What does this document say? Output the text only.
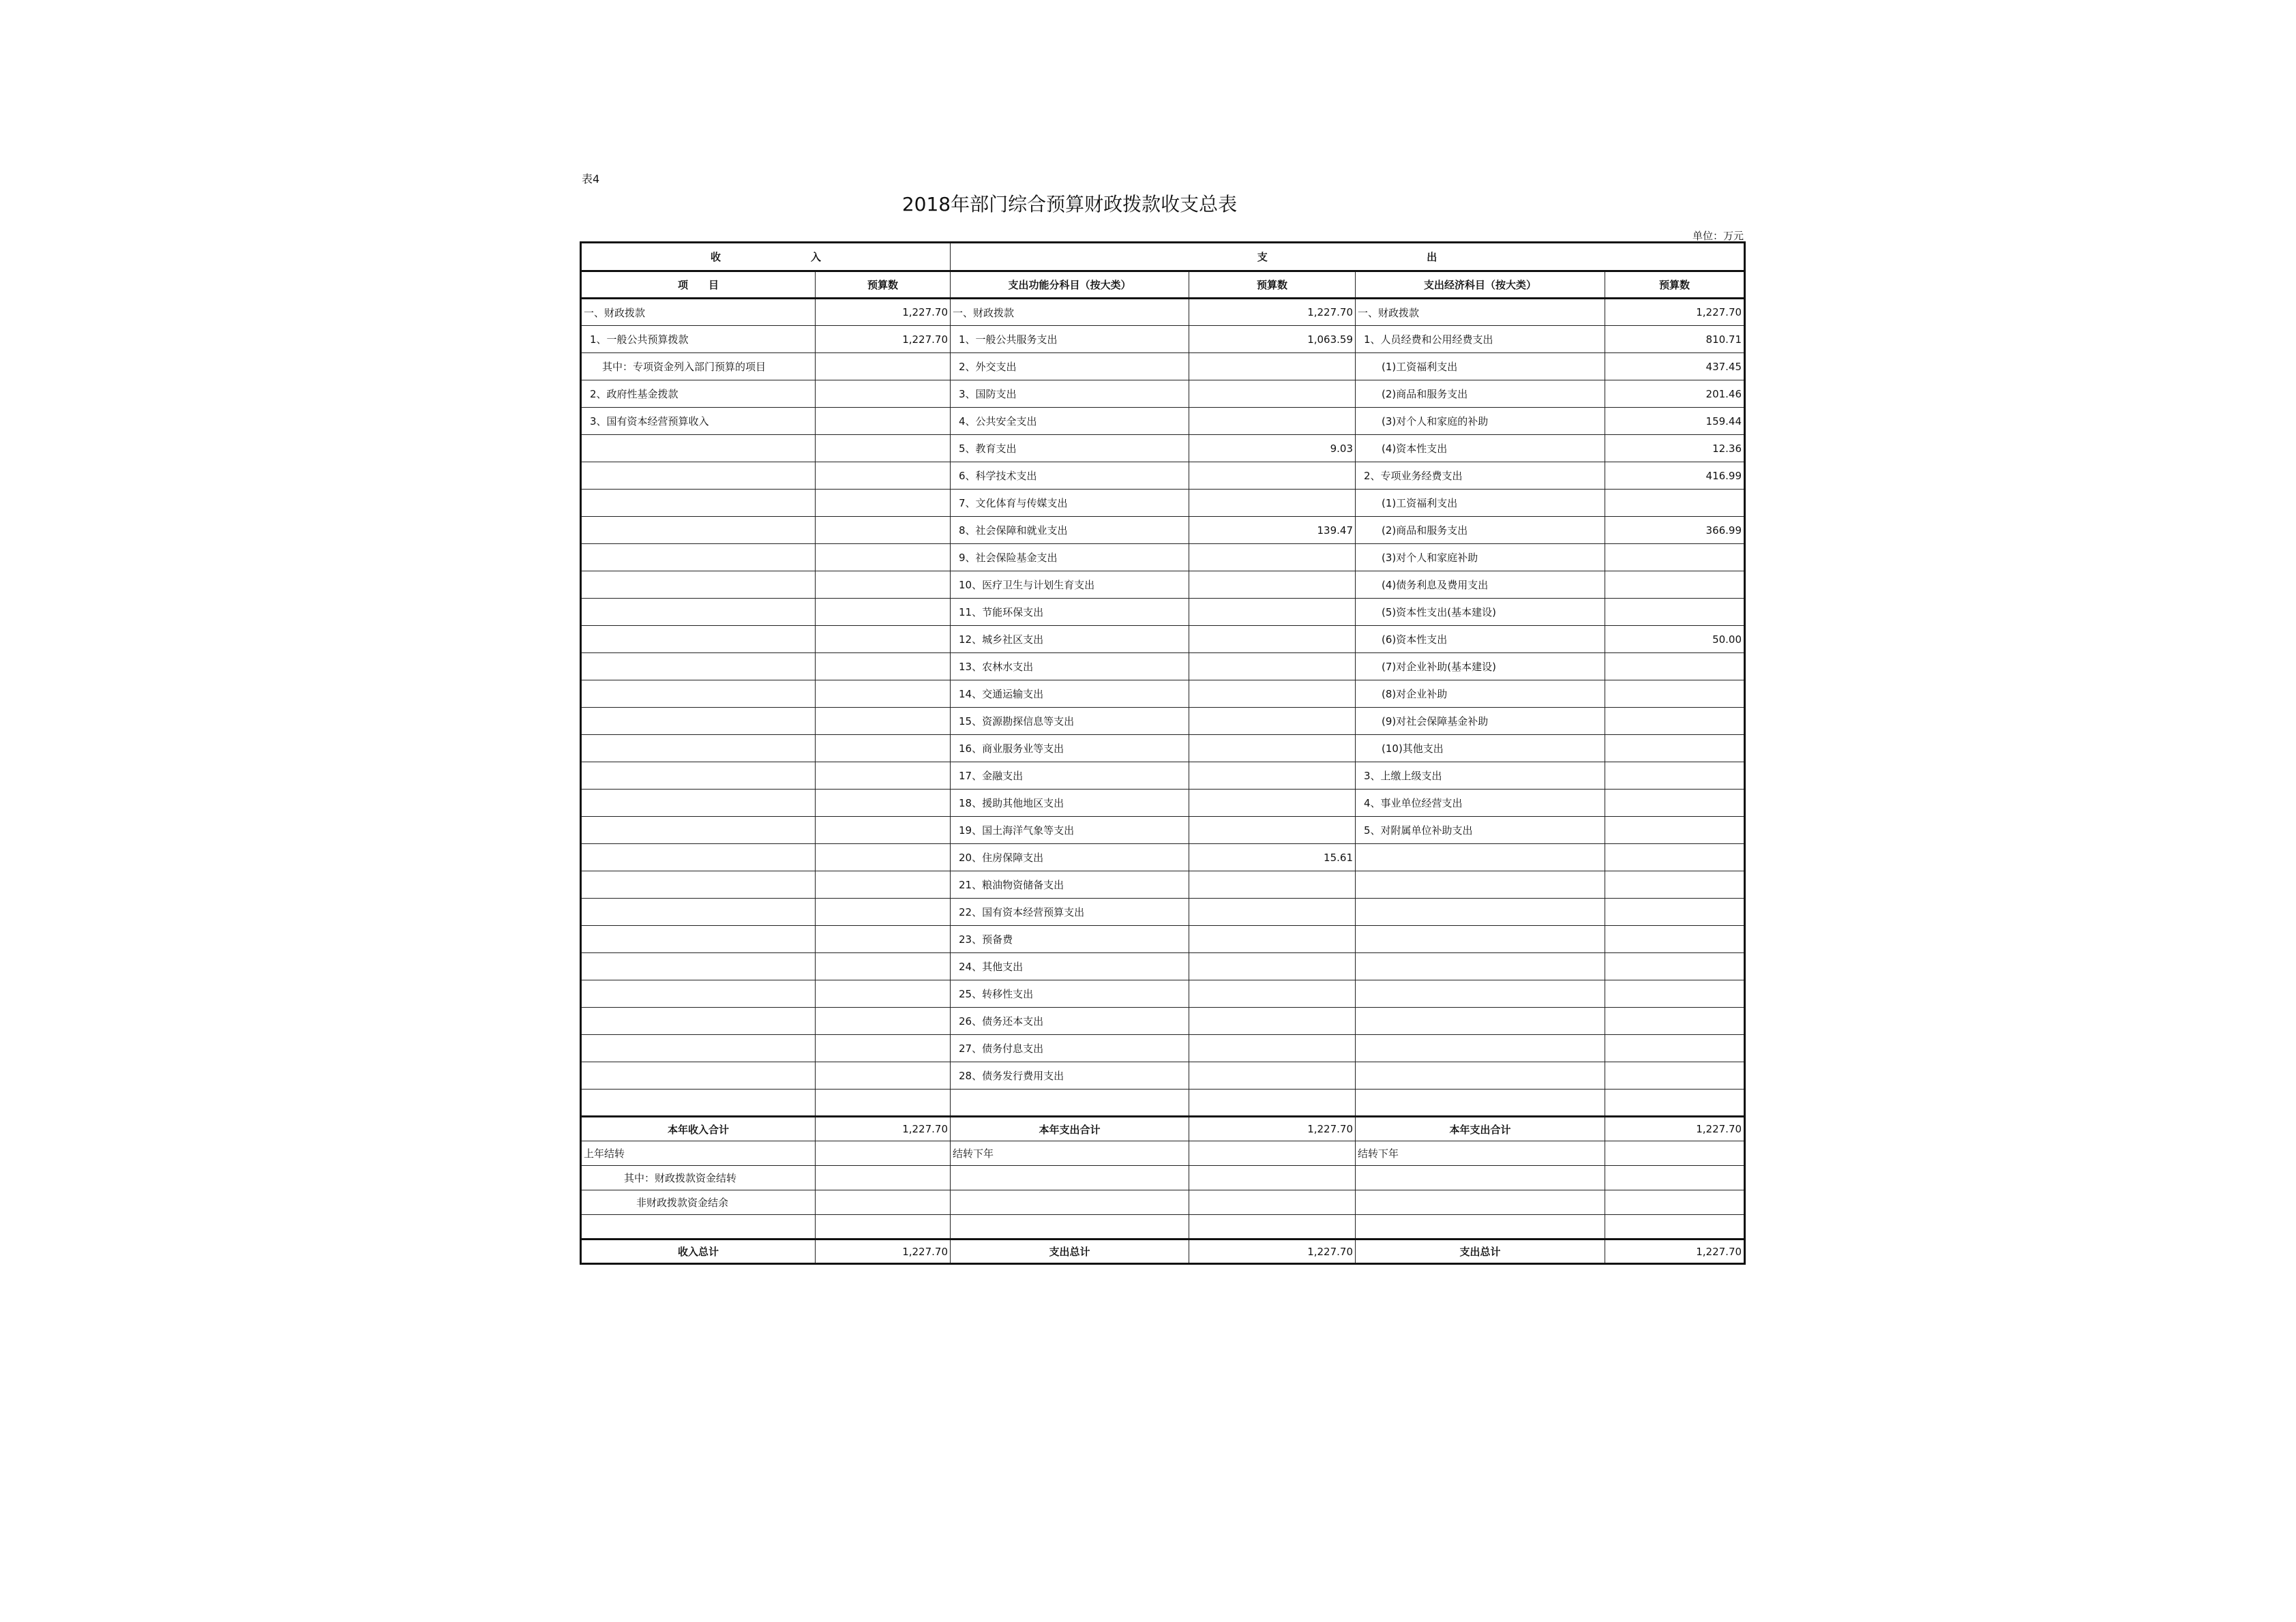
表4
2018年部门综合预算财政拨款收支总表
单位：万元
收 入		支 出			

项　　目	预算数	支出功能分科目（按大类）	预算数	支出经济科目（按大类）	预算数
一、财政拨款	1,227.70	一、财政拨款	1,227.70	一、财政拨款	1,227.70
1、一般公共预算拨款	1,227.70	1、一般公共服务支出	1,063.59	1、人员经费和公用经费支出	810.71
其中：专项资金列入部门预算的项目		2、外交支出		(1)工资福利支出	437.45
2、政府性基金拨款		3、国防支出		(2)商品和服务支出	201.46
3、国有资本经营预算收入		4、公共安全支出		(3)对个人和家庭的补助	159.44
		5、教育支出	9.03	(4)资本性支出	12.36
		6、科学技术支出		2、专项业务经费支出	416.99
		7、文化体育与传媒支出		(1)工资福利支出	
		8、社会保障和就业支出	139.47	(2)商品和服务支出	366.99
		9、社会保险基金支出		(3)对个人和家庭补助	
		10、医疗卫生与计划生育支出		(4)债务利息及费用支出	
		11、节能环保支出		(5)资本性支出(基本建设)	
		12、城乡社区支出		(6)资本性支出	50.00
		13、农林水支出		(7)对企业补助(基本建设)	
		14、交通运输支出		(8)对企业补助	
		15、资源勘探信息等支出		(9)对社会保障基金补助	
		16、商业服务业等支出		(10)其他支出	
		17、金融支出		3、上缴上级支出	
		18、援助其他地区支出		4、事业单位经营支出	
		19、国土海洋气象等支出		5、对附属单位补助支出	
		20、住房保障支出	15.61		
		21、粮油物资储备支出			
		22、国有资本经营预算支出			
		23、预备费			
		24、其他支出			
		25、转移性支出			
		26、债务还本支出			
		27、债务付息支出			
		28、债务发行费用支出			

本年收入合计	1,227.70	本年支出合计	1,227.70	本年支出合计	1,227.70
上年结转		结转下年		结转下年	
其中：财政拨款资金结转					
非财政拨款资金结余					

收入总计	1,227.70	支出总计	1,227.70	支出总计	1,227.70
